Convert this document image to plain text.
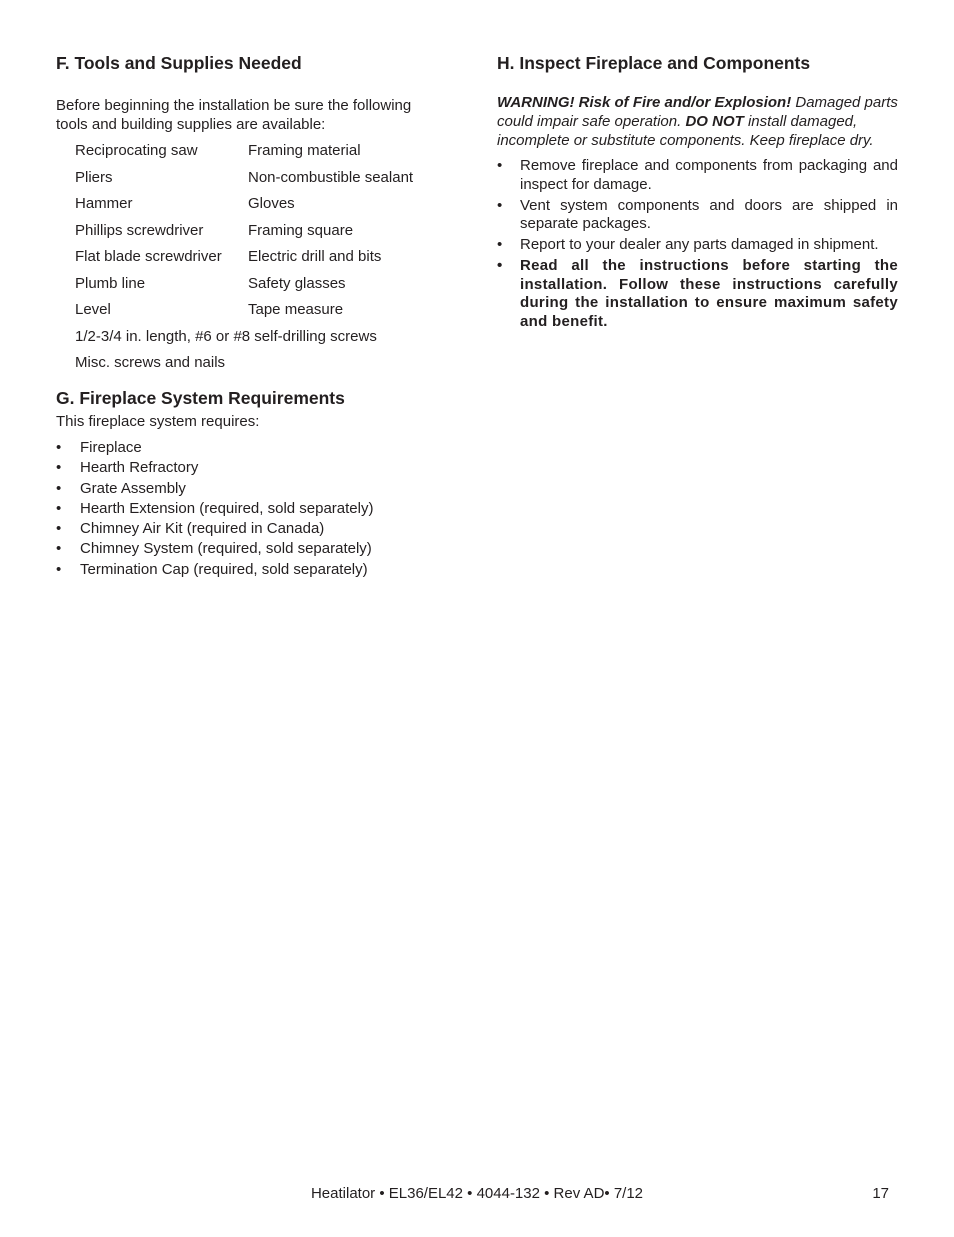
F. Tools and Supplies Needed

Before beginning the installation be sure the following tools and building supplies are available:

Reciprocating saw	Framing material
Pliers	Non-combustible sealant
Hammer	Gloves
Phillips screwdriver	Framing square
Flat blade screwdriver	Electric drill and bits
Plumb line	Safety glasses
Level	Tape measure
1/2-3/4 in. length, #6 or #8 self-drilling screws
Misc. screws and nails
G. Fireplace System Requirements

This fireplace system requires:

• Fireplace
• Hearth Refractory
• Grate Assembly
• Hearth Extension (required, sold separately)
• Chimney Air Kit (required in Canada)
• Chimney System (required, sold separately)
• Termination Cap (required, sold separately)
H. Inspect Fireplace and Components

WARNING! Risk of Fire and/or Explosion! Damaged parts could impair safe operation. DO NOT install damaged, incomplete or substitute components. Keep fireplace dry.

• Remove fireplace and components from packaging and inspect for damage.
• Vent system components and doors are shipped in separate packages.
• Report to your dealer any parts damaged in shipment.
• Read all the instructions before starting the installation. Follow these instructions carefully during the installation to ensure maximum safety and benefit.
Heatilator • EL36/EL42 • 4044-132 • Rev AD• 7/12	17
